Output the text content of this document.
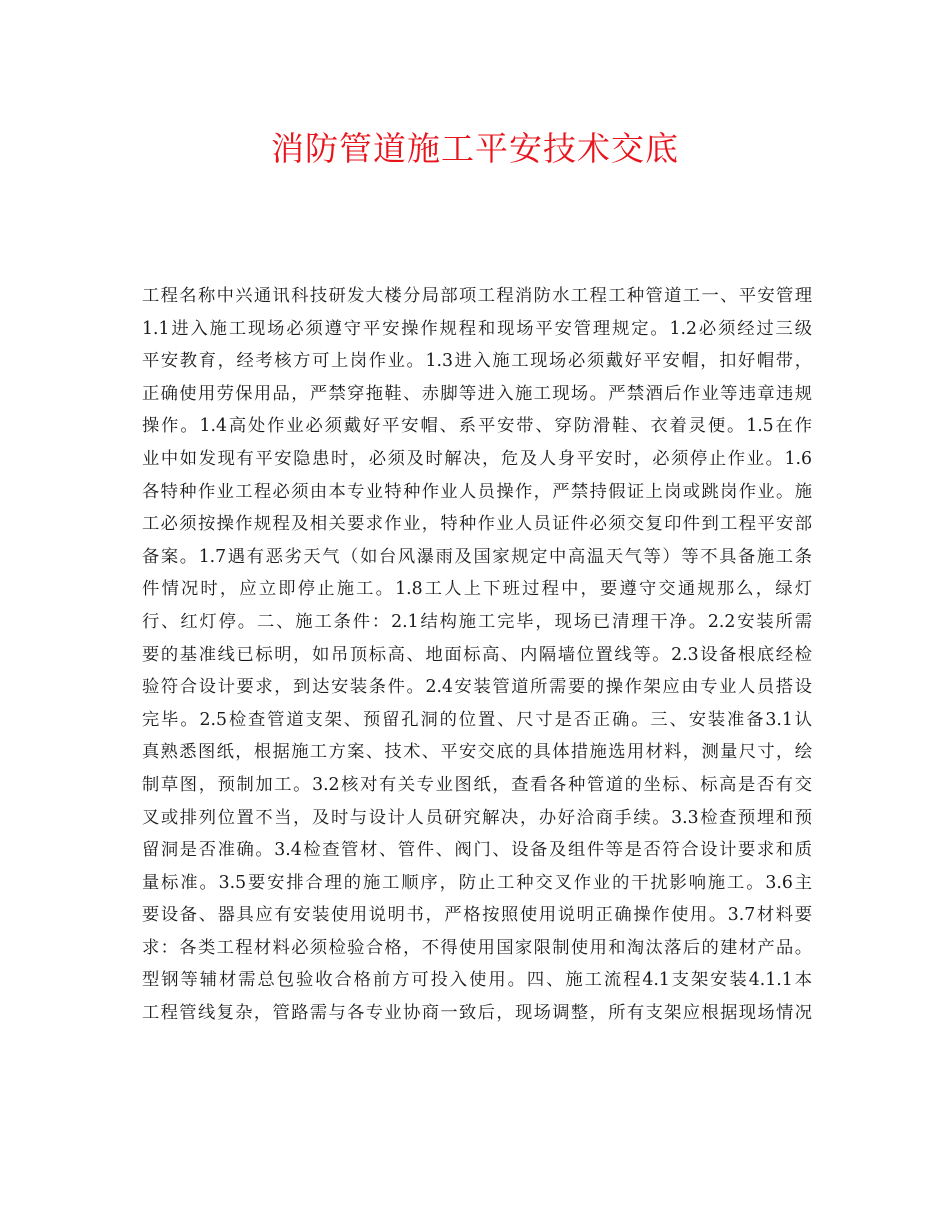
消防管道施工平安技术交底
工程名称中兴通讯科技研发大楼分局部项工程消防水工程工种管道工一、平安管理
1.1进入施工现场必须遵守平安操作规程和现场平安管理规定。1.2必须经过三级
平安教育，经考核方可上岗作业。1.3进入施工现场必须戴好平安帽，扣好帽带，
正确使用劳保用品，严禁穿拖鞋、赤脚等进入施工现场。严禁酒后作业等违章违规
操作。1.4高处作业必须戴好平安帽、系平安带、穿防滑鞋、衣着灵便。1.5在作
业中如发现有平安隐患时，必须及时解决，危及人身平安时，必须停止作业。1.6
各特种作业工程必须由本专业特种作业人员操作，严禁持假证上岗或跳岗作业。施
工必须按操作规程及相关要求作业，特种作业人员证件必须交复印件到工程平安部
备案。1.7遇有恶劣天气（如台风瀑雨及国家规定中高温天气等）等不具备施工条
件情况时，应立即停止施工。1.8工人上下班过程中，要遵守交通规那么，绿灯
行、红灯停。二、施工条件：2.1结构施工完毕，现场已清理干净。2.2安装所需
要的基准线已标明，如吊顶标高、地面标高、内隔墙位置线等。2.3设备根底经检
验符合设计要求，到达安装条件。2.4安装管道所需要的操作架应由专业人员搭设
完毕。2.5检查管道支架、预留孔洞的位置、尺寸是否正确。三、安装准备3.1认
真熟悉图纸，根据施工方案、技术、平安交底的具体措施选用材料，测量尺寸，绘
制草图，预制加工。3.2核对有关专业图纸，查看各种管道的坐标、标高是否有交
叉或排列位置不当，及时与设计人员研究解决，办好洽商手续。3.3检查预埋和预
留洞是否准确。3.4检查管材、管件、阀门、设备及组件等是否符合设计要求和质
量标准。3.5要安排合理的施工顺序，防止工种交叉作业的干扰影响施工。3.6主
要设备、器具应有安装使用说明书，严格按照使用说明正确操作使用。3.7材料要
求：各类工程材料必须检验合格，不得使用国家限制使用和淘汰落后的建材产品。
型钢等辅材需总包验收合格前方可投入使用。四、施工流程4.1支架安装4.1.1本
工程管线复杂，管路需与各专业协商一致后，现场调整，所有支架应根据现场情况
